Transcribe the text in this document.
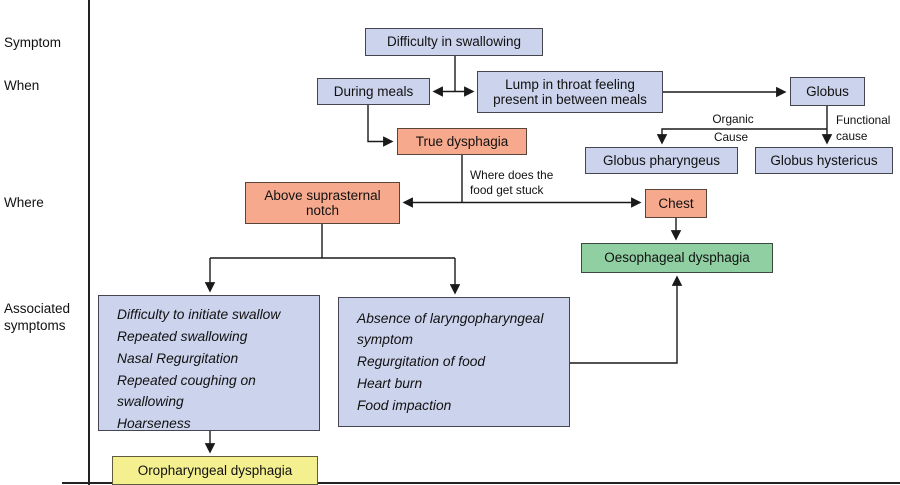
Symptom
When
Where
Associated symptoms
Difficulty in swallowing
During meals	Lump in throat feeling present in between meals
Globus
True dysphagia
Globus pharyngeus	Globus hystericus
Above suprasternal notch	Chest
Oesophageal dysphagia
Difficulty to initiate swallow
Repeated swallowing
Nasal Regurgitation
Repeated coughing on swallowing
Hoarseness
Absence of laryngopharyngeal symptom
Regurgitation of food
Heart burn
Food impaction
Oropharyngeal dysphagia
Organic
Cause
Functional
cause
Where does the
food get stuck
